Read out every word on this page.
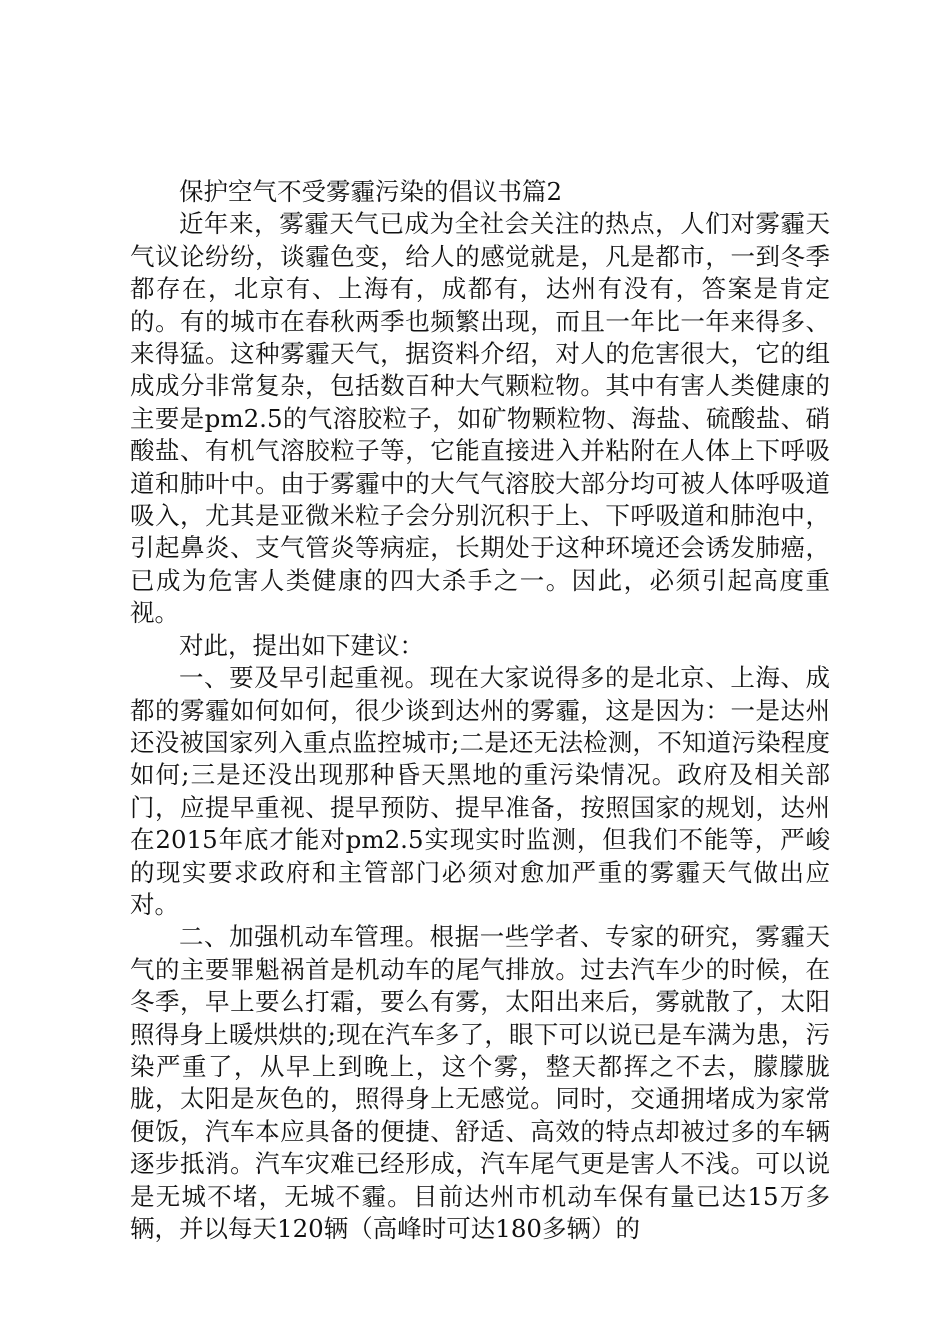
保护空气不受雾霾污染的倡议书篇2

近年来，雾霾天气已成为全社会关注的热点，人们对雾霾天气议论纷纷，谈霾色变，给人的感觉就是，凡是都市，一到冬季都存在，北京有、上海有，成都有，达州有没有，答案是肯定的。有的城市在春秋两季也频繁出现，而且一年比一年来得多、来得猛。这种雾霾天气，据资料介绍，对人的危害很大，它的组成成分非常复杂，包括数百种大气颗粒物。其中有害人类健康的主要是pm2.5的气溶胶粒子，如矿物颗粒物、海盐、硫酸盐、硝酸盐、有机气溶胶粒子等，它能直接进入并粘附在人体上下呼吸道和肺叶中。由于雾霾中的大气气溶胶大部分均可被人体呼吸道吸入，尤其是亚微米粒子会分别沉积于上、下呼吸道和肺泡中，引起鼻炎、支气管炎等病症，长期处于这种环境还会诱发肺癌，已成为危害人类健康的四大杀手之一。因此，必须引起高度重视。

对此，提出如下建议：

一、要及早引起重视。现在大家说得多的是北京、上海、成都的雾霾如何如何，很少谈到达州的雾霾，这是因为：一是达州还没被国家列入重点监控城市;二是还无法检测，不知道污染程度如何;三是还没出现那种昏天黑地的重污染情况。政府及相关部门，应提早重视、提早预防、提早准备，按照国家的规划，达州在2015年底才能对pm2.5实现实时监测，但我们不能等，严峻的现实要求政府和主管部门必须对愈加严重的雾霾天气做出应对。

二、加强机动车管理。根据一些学者、专家的研究，雾霾天气的主要罪魁祸首是机动车的尾气排放。过去汽车少的时候，在冬季，早上要么打霜，要么有雾，太阳出来后，雾就散了，太阳照得身上暖烘烘的;现在汽车多了，眼下可以说已是车满为患，污染严重了，从早上到晚上，这个雾，整天都挥之不去，朦朦胧胧，太阳是灰色的，照得身上无感觉。同时，交通拥堵成为家常便饭，汽车本应具备的便捷、舒适、高效的特点却被过多的车辆逐步抵消。汽车灾难已经形成，汽车尾气更是害人不浅。可以说是无城不堵，无城不霾。目前达州市机动车保有量已达15万多辆，并以每天120辆（高峰时可达180多辆）的
